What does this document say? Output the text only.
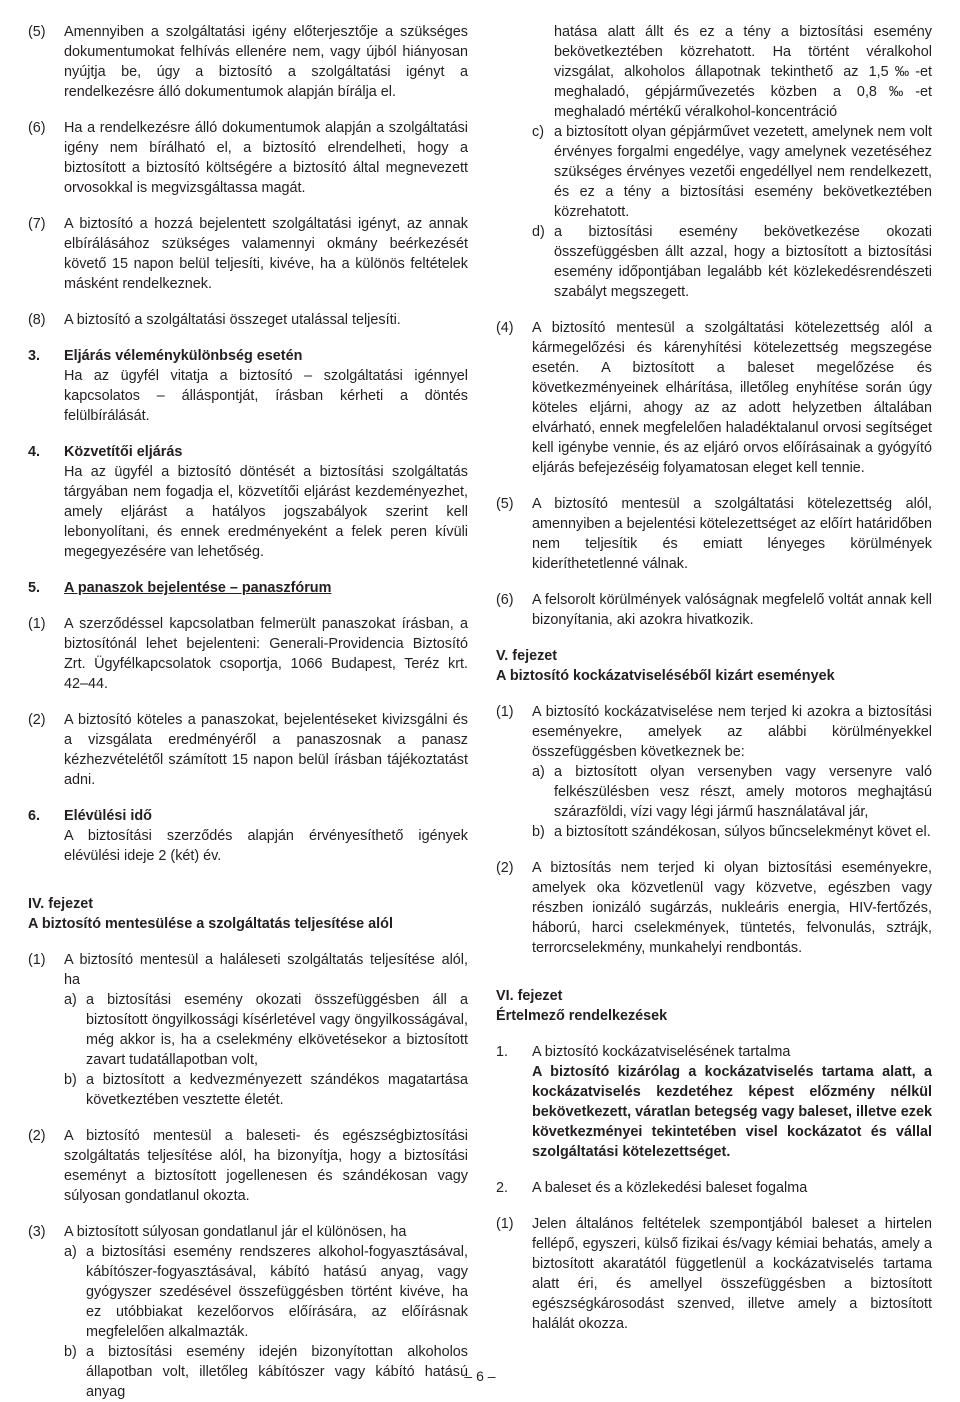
(5)	Amennyiben a szolgáltatási igény előterjesztője a szükséges dokumentumokat felhívás ellenére nem, vagy újból hiányosan nyújtja be, úgy a biztosító a szolgáltatási igényt a rendelkezésre álló dokumentumok alapján bírálja el.
(6)	Ha a rendelkezésre álló dokumentumok alapján a szolgáltatási igény nem bírálható el, a biztosító elrendelheti, hogy a biztosított a biztosító költségére a biztosító által megnevezett orvosokkal is megvizsgáltassa magát.
(7)	A biztosító a hozzá bejelentett szolgáltatási igényt, az annak elbírálásához szükséges valamennyi okmány beérkezését követő 15 napon belül teljesíti, kivéve, ha a különös feltételek másként rendelkeznek.
(8)	A biztosító a szolgáltatási összeget utalással teljesíti.
3.	Eljárás véleménykülönbség esetén
Ha az ügyfél vitatja a biztosító – szolgáltatási igénnyel kapcsolatos – álláspontját, írásban kérheti a döntés felülbírálását.
4.	Közvetítői eljárás
Ha az ügyfél a biztosító döntését a biztosítási szolgáltatás tárgyában nem fogadja el, közvetítői eljárást kezdeményezhet, amely eljárást a hatályos jogszabályok szerint kell lebonyolítani, és ennek eredményeként a felek peren kívüli megegyezésére van lehetőség.
5.	A panaszok bejelentése – panaszfórum
(1)	A szerződéssel kapcsolatban felmerült panaszokat írásban, a biztosítónál lehet bejelenteni: Generali-Providencia Biztosító Zrt. Ügyfélkapcsolatok csoportja, 1066 Budapest, Teréz krt. 42–44.
(2)	A biztosító köteles a panaszokat, bejelentéseket kivizsgálni és a vizsgálata eredményéről a panaszosnak a panasz kézhezvételétől számított 15 napon belül írásban tájékoztatást adni.
6.	Elévülési idő
A biztosítási szerződés alapján érvényesíthető igények elévülési ideje 2 (két) év.
IV. fejezet
A biztosító mentesülése a szolgáltatás teljesítése alól
(1)	A biztosító mentesül a haláleseti szolgáltatás teljesítése alól, ha
a) a biztosítási esemény okozati összefüggésben áll a biztosított öngyilkossági kísérletével vagy öngyilkosságával, még akkor is, ha a cselekmény elkövetésekor a biztosított zavart tudatállapotban volt,
b) a biztosított a kedvezményezett szándékos magatartása következtében vesztette életét.
(2)	A biztosító mentesül a baleseti- és egészségbiztosítási szolgáltatás teljesítése alól, ha bizonyítja, hogy a biztosítási eseményt a biztosított jogellenesen és szándékosan vagy súlyosan gondatlanul okozta.
(3)	A biztosított súlyosan gondatlanul jár el különösen, ha
a) a biztosítási esemény rendszeres alkohol-fogyasztásával, kábítószer-fogyasztásával, kábító hatású anyag, vagy gyógyszer szedésével összefüggésben történt kivéve, ha ez utóbbiakat kezelőorvos előírására, az előírásnak megfelelően alkalmazták.
b) a biztosítási esemény idején bizonyítottan alkoholos állapotban volt, illetőleg kábítószer vagy kábító hatású anyag
hatása alatt állt és ez a tény a biztosítási esemény bekövetkeztében közrehatott. Ha történt véralkohol vizsgálat, alkoholos állapotnak tekinthető az 1,5‰-et meghaladó, gépjárművezetés közben a 0,8‰-et meghaladó mértékű véralkohol-koncentráció
c) a biztosított olyan gépjárművet vezetett, amelynek nem volt érvényes forgalmi engedélye, vagy amelynek vezetéséhez szükséges érvényes vezetői engedéllyel nem rendelkezett, és ez a tény a biztosítási esemény bekövetkeztében közrehatott.
d) a biztosítási esemény bekövetkezése okozati összefüggésben állt azzal, hogy a biztosított a biztosítási esemény időpontjában legalább két közlekedésrendészeti szabályt megszegett.
(4)	A biztosító mentesül a szolgáltatási kötelezettség alól a kármegelőzési és kárenyhítési kötelezettség megszegése esetén. A biztosított a baleset megelőzése és következményeinek elhárítása, illetőleg enyhítése során úgy köteles eljárni, ahogy az az adott helyzetben általában elvárható, ennek megfelelően haladéktalanul orvosi segítséget kell igénybe vennie, és az eljáró orvos előírásainak a gyógyító eljárás befejezéséig folyamatosan eleget kell tennie.
(5)	A biztosító mentesül a szolgáltatási kötelezettség alól, amennyiben a bejelentési kötelezettséget az előírt határidőben nem teljesítik és emiatt lényeges körülmények kideríthetetlenné válnak.
(6)	A felsorolt körülmények valóságnak megfelelő voltát annak kell bizonyítania, aki azokra hivatkozik.
V. fejezet
A biztosító kockázatviseléséből kizárt események
(1)	A biztosító kockázatviselése nem terjed ki azokra a biztosítási eseményekre, amelyek az alábbi körülményekkel összefüggésben következnek be:
a) a biztosított olyan versenyben vagy versenyre való felkészülésben vesz részt, amely motoros meghajtású szárazföldi, vízi vagy légi jármű használatával jár,
b) a biztosított szándékosan, súlyos bűncselekményt követ el.
(2)	A biztosítás nem terjed ki olyan biztosítási eseményekre, amelyek oka közvetlenül vagy közvetve, egészben vagy részben ionizáló sugárzás, nukleáris energia, HIV-fertőzés, háború, harci cselekmények, tüntetés, felvonulás, sztrájk, terrorcselekmény, munkahelyi rendbontás.
VI. fejezet
Értelmező rendelkezések
1.	A biztosító kockázatviselésének tartalma
A biztosító kizárólag a kockázatviselés tartama alatt, a kockázatviselés kezdetéhez képest előzmény nélkül bekövetkezett, váratlan betegség vagy baleset, illetve ezek következményei tekintetében visel kockázatot és vállal szolgáltatási kötelezettséget.
2.	A baleset és a közlekedési baleset fogalma
(1)	Jelen általános feltételek szempontjából baleset a hirtelen fellépő, egyszeri, külső fizikai és/vagy kémiai behatás, amely a biztosított akaratától függetlenül a kockázatviselés tartama alatt éri, és amellyel összefüggésben a biztosított egészségkárosodást szenved, illetve amely a biztosított halálát okozza.
– 6 –
